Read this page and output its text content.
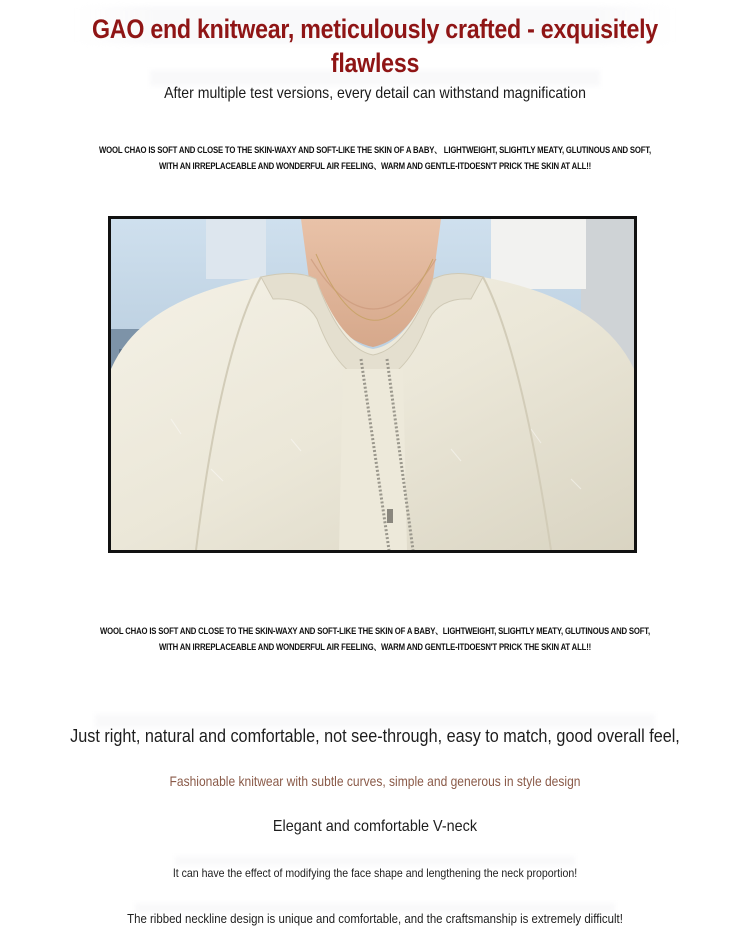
GAO end knitwear, meticulously crafted - exquisitely flawless
After multiple test versions, every detail can withstand magnification
WOOL CHAO IS SOFT AND CLOSE TO THE SKIN-WAXY AND SOFT-LIKE THE SKIN OF A BABY、 LIGHTWEIGHT, SLIGHTLY MEATY, GLUTINOUS AND SOFT,
WITH AN IRREPLACEABLE AND WONDERFUL AIR FEELING、WARM AND GENTLE-ITDOESN'T PRICK THE SKIN AT ALL!!
WOOL CHAO IS SOFT AND CLOSE TO THE SKIN-WAXY AND SOFT-LIKE THE SKIN OF A BABY、LIGHTWEIGHT, SLIGHTLY MEATY, GLUTINOUS AND SOFT,
WITH AN IRREPLACEABLE AND WONDERFUL AIR FEELING、WARM AND GENTLE-ITDOESN'T PRICK THE SKIN AT ALL!!
Just right, natural and comfortable, not see-through, easy to match, good overall feel,
Fashionable knitwear with subtle curves, simple and generous in style design
Elegant and comfortable V-neck
It can have the effect of modifying the face shape and lengthening the neck proportion!
The ribbed neckline design is unique and comfortable, and the craftsmanship is extremely difficult!
